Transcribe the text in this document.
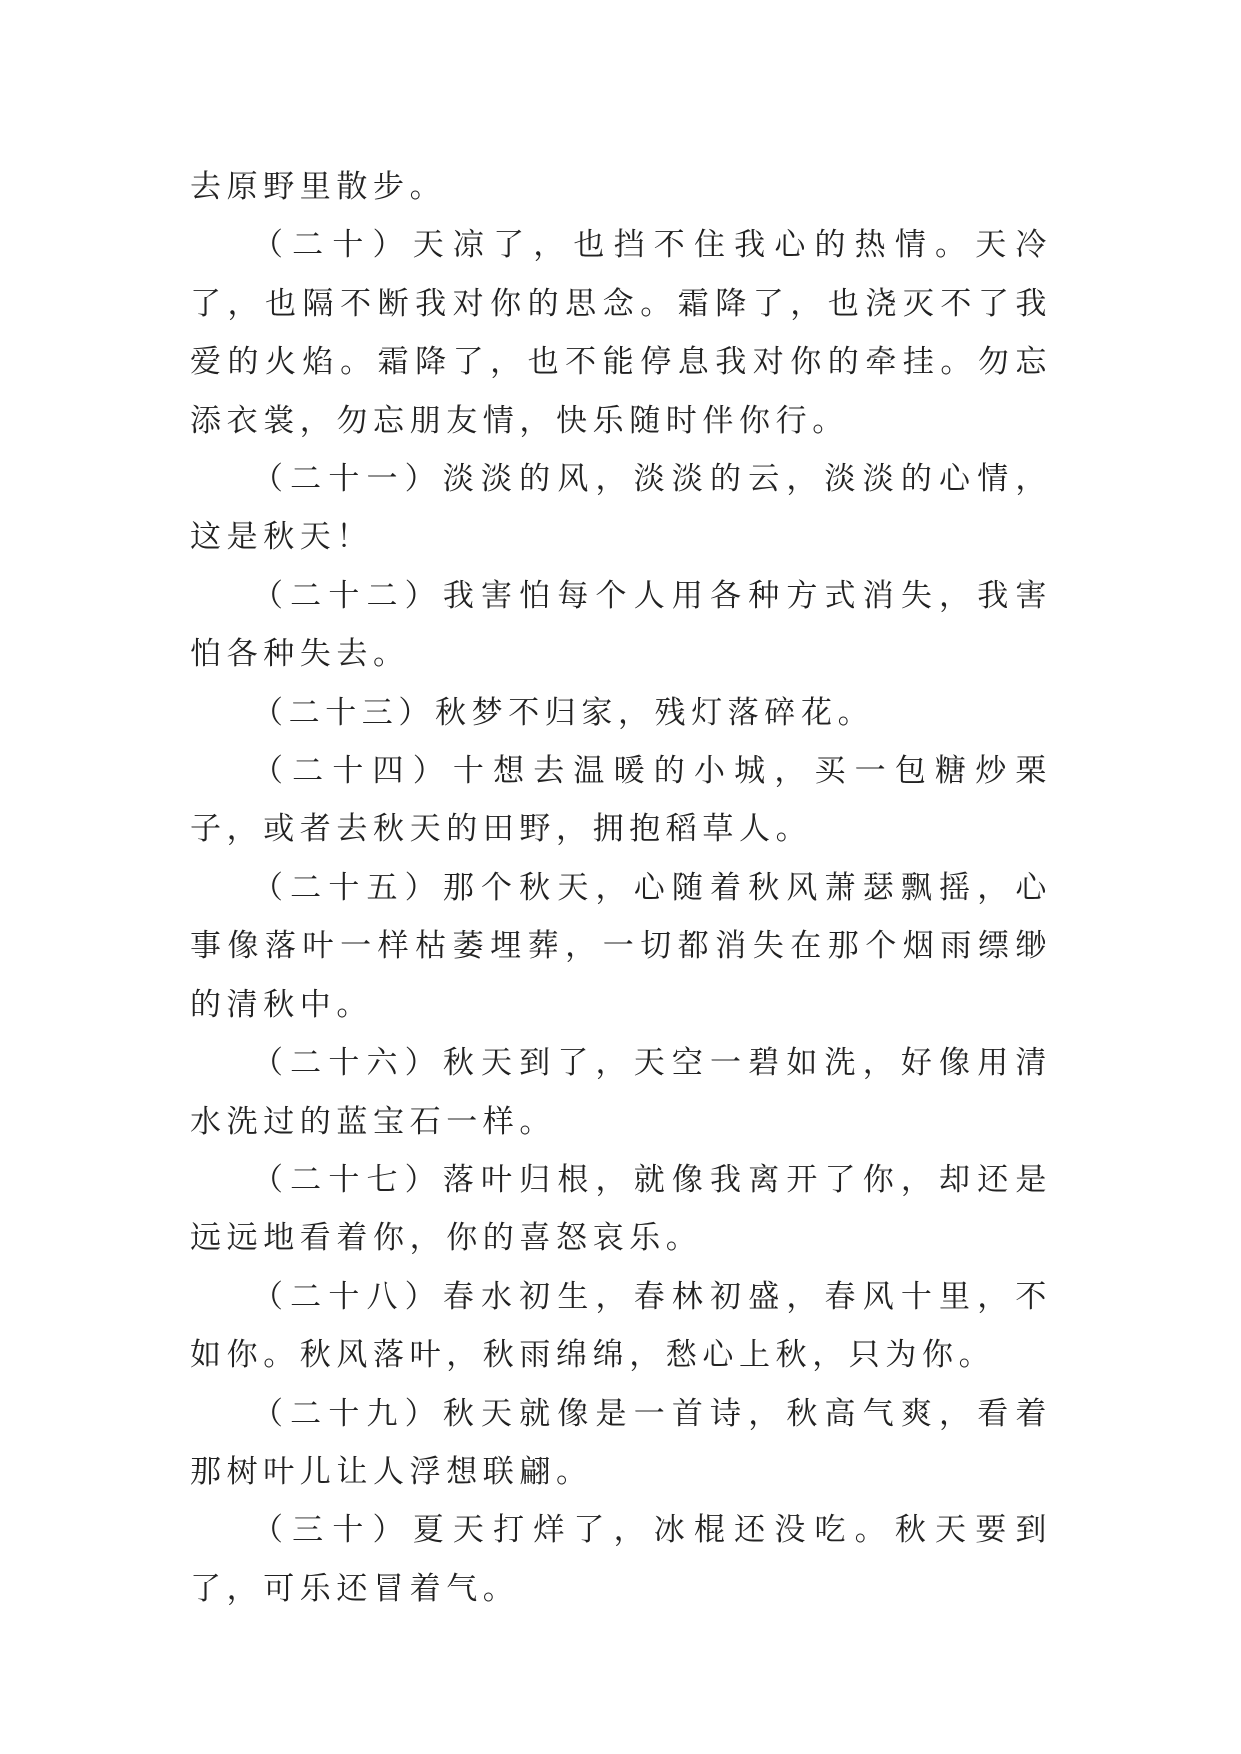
去原野里散步。

（二十）天凉了，也挡不住我心的热情。天冷了，也隔不断我对你的思念。霜降了，也浇灭不了我爱的火焰。霜降了，也不能停息我对你的牵挂。勿忘添衣裳，勿忘朋友情，快乐随时伴你行。

（二十一）淡淡的风，淡淡的云，淡淡的心情，这是秋天！

（二十二）我害怕每个人用各种方式消失，我害怕各种失去。

（二十三）秋梦不归家，残灯落碎花。

（二十四）十想去温暖的小城，买一包糖炒栗子，或者去秋天的田野，拥抱稻草人。

（二十五）那个秋天，心随着秋风萧瑟飘摇，心事像落叶一样枯萎埋葬，一切都消失在那个烟雨缥缈的清秋中。

（二十六）秋天到了，天空一碧如洗，好像用清水洗过的蓝宝石一样。

（二十七）落叶归根，就像我离开了你，却还是远远地看着你，你的喜怒哀乐。

（二十八）春水初生，春林初盛，春风十里，不如你。秋风落叶，秋雨绵绵，愁心上秋，只为你。

（二十九）秋天就像是一首诗，秋高气爽，看着那树叶儿让人浮想联翩。

（三十）夏天打烊了，冰棍还没吃。秋天要到了，可乐还冒着气。
